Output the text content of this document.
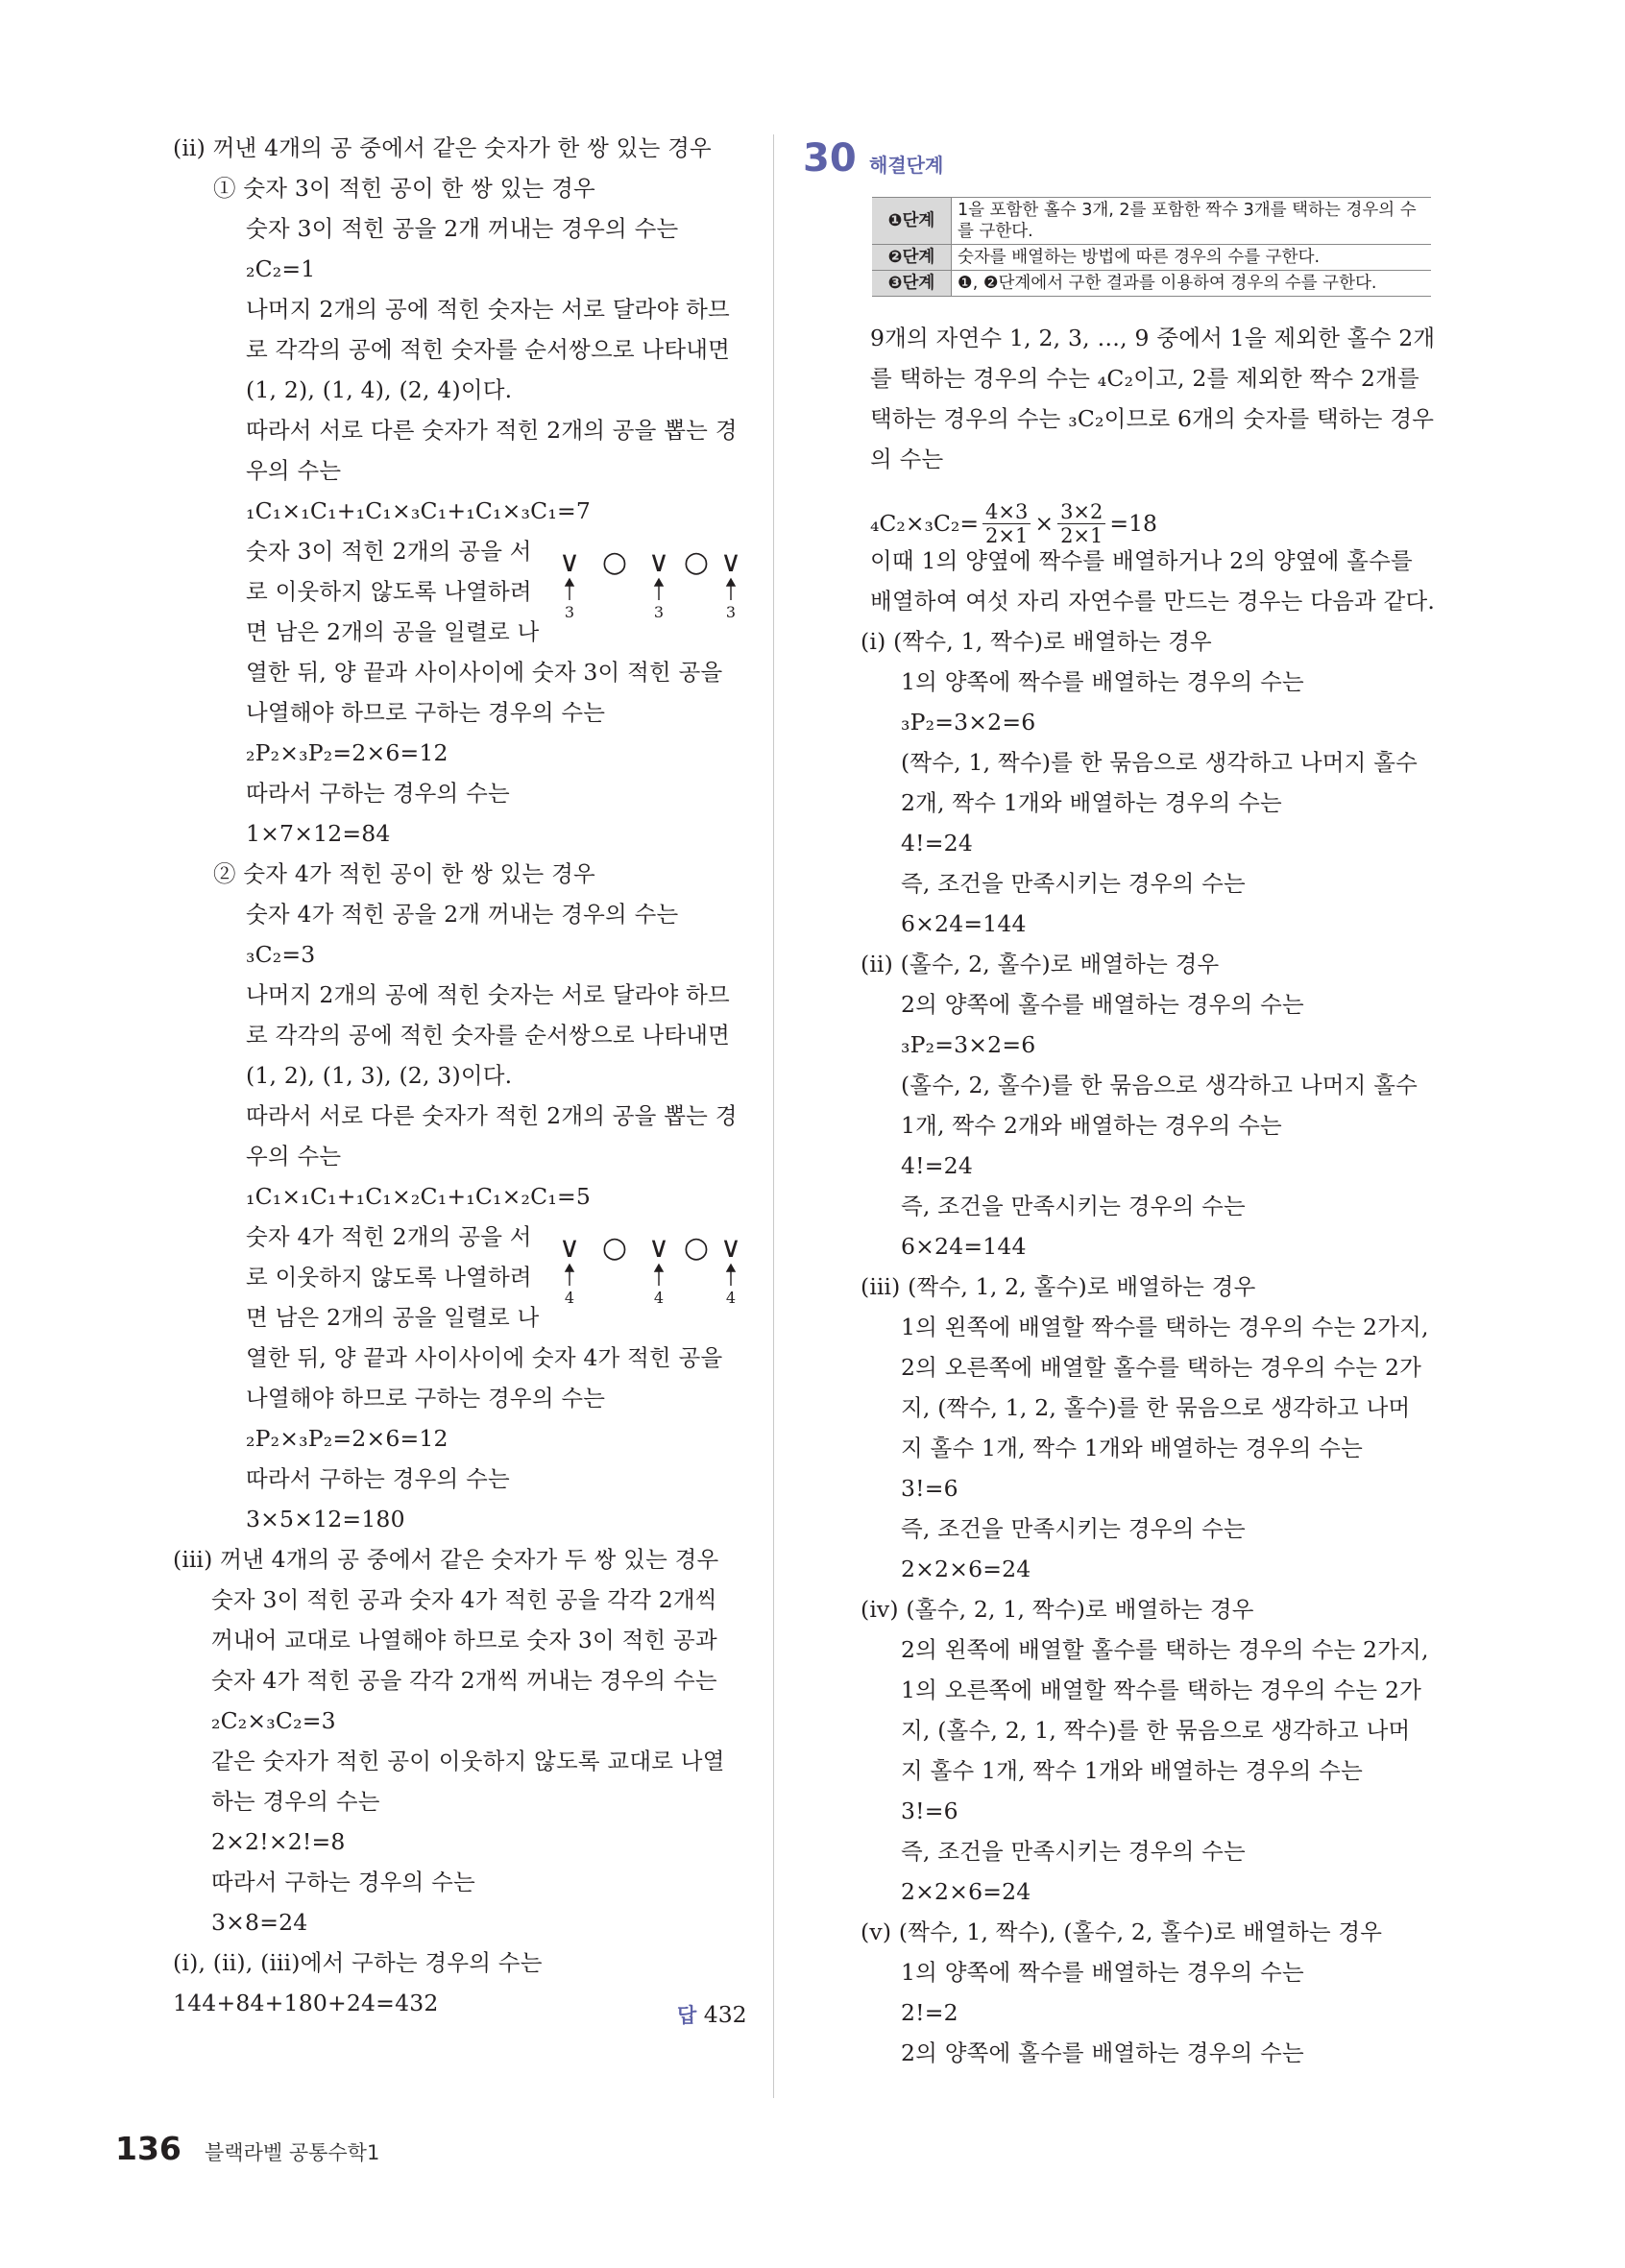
(ⅱ) 꺼낸 4개의 공 중에서 같은 숫자가 한 쌍 있는 경우
① 숫자 3이 적힌 공이 한 쌍 있는 경우
숫자 3이 적힌 공을 2개 꺼내는 경우의 수는
₂C₂=1
나머지 2개의 공에 적힌 숫자는 서로 달라야 하므
로 각각의 공에 적힌 숫자를 순서쌍으로 나타내면
(1, 2), (1, 4), (2, 4)이다.
따라서 서로 다른 숫자가 적힌 2개의 공을 뽑는 경
우의 수는
₁C₁×₁C₁+₁C₁×₃C₁+₁C₁×₃C₁=7
숫자 3이 적힌 2개의 공을 서
로 이웃하지 않도록 나열하려
면 남은 2개의 공을 일렬로 나
열한 뒤, 양 끝과 사이사이에 숫자 3이 적힌 공을
나열해야 하므로 구하는 경우의 수는
₂P₂×₃P₂=2×6=12
따라서 구하는 경우의 수는
1×7×12=84
② 숫자 4가 적힌 공이 한 쌍 있는 경우
숫자 4가 적힌 공을 2개 꺼내는 경우의 수는
₃C₂=3
나머지 2개의 공에 적힌 숫자는 서로 달라야 하므
로 각각의 공에 적힌 숫자를 순서쌍으로 나타내면
(1, 2), (1, 3), (2, 3)이다.
따라서 서로 다른 숫자가 적힌 2개의 공을 뽑는 경
우의 수는
₁C₁×₁C₁+₁C₁×₂C₁+₁C₁×₂C₁=5
숫자 4가 적힌 2개의 공을 서
로 이웃하지 않도록 나열하려
면 남은 2개의 공을 일렬로 나
열한 뒤, 양 끝과 사이사이에 숫자 4가 적힌 공을
나열해야 하므로 구하는 경우의 수는
₂P₂×₃P₂=2×6=12
따라서 구하는 경우의 수는
3×5×12=180
(ⅲ) 꺼낸 4개의 공 중에서 같은 숫자가 두 쌍 있는 경우
숫자 3이 적힌 공과 숫자 4가 적힌 공을 각각 2개씩
꺼내어 교대로 나열해야 하므로 숫자 3이 적힌 공과
숫자 4가 적힌 공을 각각 2개씩 꺼내는 경우의 수는
₂C₂×₃C₂=3
같은 숫자가 적힌 공이 이웃하지 않도록 교대로 나열
하는 경우의 수는
2×2!×2!=8
따라서 구하는 경우의 수는
3×8=24
(ⅰ), (ⅱ), (ⅲ)에서 구하는 경우의 수는
144+84+180+24=432
∨ ○ ∨ ○ ∨
3	3	3
∨ ○ ∨ ○ ∨
4	4	4
답 432
30 해결단계
❶단계	1을 포함한 홀수 3개, 2를 포함한 짝수 3개를 택하는 경우의 수를 구한다.
❷단계	숫자를 배열하는 방법에 따른 경우의 수를 구한다.
❸단계	❶, ❷단계에서 구한 결과를 이용하여 경우의 수를 구한다.
9개의 자연수 1, 2, 3, …, 9 중에서 1을 제외한 홀수 2개
를 택하는 경우의 수는 ₄C₂이고, 2를 제외한 짝수 2개를
택하는 경우의 수는 ₃C₂이므로 6개의 숫자를 택하는 경우
의 수는
이때 1의 양옆에 짝수를 배열하거나 2의 양옆에 홀수를
배열하여 여섯 자리 자연수를 만드는 경우는 다음과 같다.
(ⅰ) (짝수, 1, 짝수)로 배열하는 경우
1의 양쪽에 짝수를 배열하는 경우의 수는
₃P₂=3×2=6
(짝수, 1, 짝수)를 한 묶음으로 생각하고 나머지 홀수
2개, 짝수 1개와 배열하는 경우의 수는
4!=24
즉, 조건을 만족시키는 경우의 수는
6×24=144
(ⅱ) (홀수, 2, 홀수)로 배열하는 경우
2의 양쪽에 홀수를 배열하는 경우의 수는
₃P₂=3×2=6
(홀수, 2, 홀수)를 한 묶음으로 생각하고 나머지 홀수
1개, 짝수 2개와 배열하는 경우의 수는
4!=24
즉, 조건을 만족시키는 경우의 수는
6×24=144
(ⅲ) (짝수, 1, 2, 홀수)로 배열하는 경우
1의 왼쪽에 배열할 짝수를 택하는 경우의 수는 2가지,
2의 오른쪽에 배열할 홀수를 택하는 경우의 수는 2가
지, (짝수, 1, 2, 홀수)를 한 묶음으로 생각하고 나머
지 홀수 1개, 짝수 1개와 배열하는 경우의 수는
3!=6
즉, 조건을 만족시키는 경우의 수는
2×2×6=24
(ⅳ) (홀수, 2, 1, 짝수)로 배열하는 경우
2의 왼쪽에 배열할 홀수를 택하는 경우의 수는 2가지,
1의 오른쪽에 배열할 짝수를 택하는 경우의 수는 2가
지, (홀수, 2, 1, 짝수)를 한 묶음으로 생각하고 나머
지 홀수 1개, 짝수 1개와 배열하는 경우의 수는
3!=6
즉, 조건을 만족시키는 경우의 수는
2×2×6=24
(ⅴ) (짝수, 1, 짝수), (홀수, 2, 홀수)로 배열하는 경우
1의 양쪽에 짝수를 배열하는 경우의 수는
2!=2
2의 양쪽에 홀수를 배열하는 경우의 수는
$_4C_2\times_3C_2= \frac{4\times 3}{2\times 1} \times \frac{3\times 2}{2\times 1} =18$
136 블랙라벨 공통수학1
